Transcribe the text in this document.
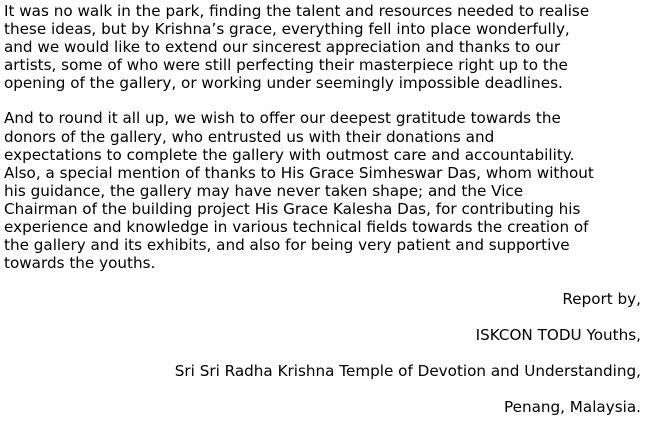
It was no walk in the park, finding the talent and resources needed to realise
these ideas, but by Krishna’s grace, everything fell into place wonderfully,
and we would like to extend our sincerest appreciation and thanks to our
artists, some of who were still perfecting their masterpiece right up to the
opening of the gallery, or working under seemingly impossible deadlines.

And to round it all up, we wish to offer our deepest gratitude towards the
donors of the gallery, who entrusted us with their donations and
expectations to complete the gallery with outmost care and accountability.
Also, a special mention of thanks to His Grace Simheswar Das, whom without
his guidance, the gallery may have never taken shape; and the Vice
Chairman of the building project His Grace Kalesha Das, for contributing his
experience and knowledge in various technical fields towards the creation of
the gallery and its exhibits, and also for being very patient and supportive
towards the youths.

Report by,
ISKCON TODU Youths,
Sri Sri Radha Krishna Temple of Devotion and Understanding,
Penang, Malaysia.
